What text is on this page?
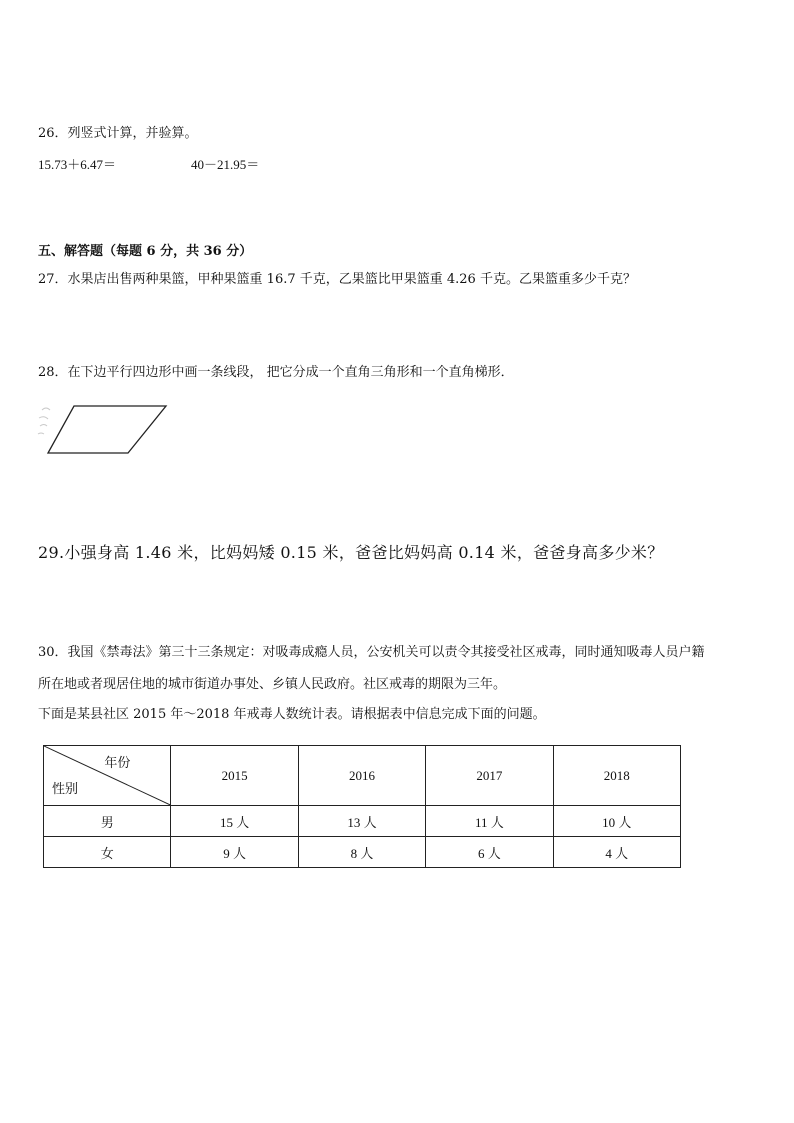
26．列竖式计算，并验算。
15.73＋6.47＝	40－21.95＝
五、解答题（每题 6 分，共 36 分）
27．水果店出售两种果篮，甲种果篮重 16.7 千克，乙果篮比甲果篮重 4.26 千克。乙果篮重多少千克？
28．在下边平行四边形中画一条线段， 把它分成一个直角三角形和一个直角梯形．
29.小强身高 1.46 米，比妈妈矮 0.15 米，爸爸比妈妈高 0.14 米，爸爸身高多少米？
30．我国《禁毒法》第三十三条规定：对吸毒成瘾人员，公安机关可以责令其接受社区戒毒，同时通知吸毒人员户籍
所在地或者现居住地的城市街道办事处、乡镇人民政府。社区戒毒的期限为三年。
下面是某县社区 2015 年～2018 年戒毒人数统计表。请根据表中信息完成下面的问题。
年份
性别	2015	2016	2017	2018
男	15 人	13 人	11 人	10 人
女	9 人	8 人	6 人	4 人
